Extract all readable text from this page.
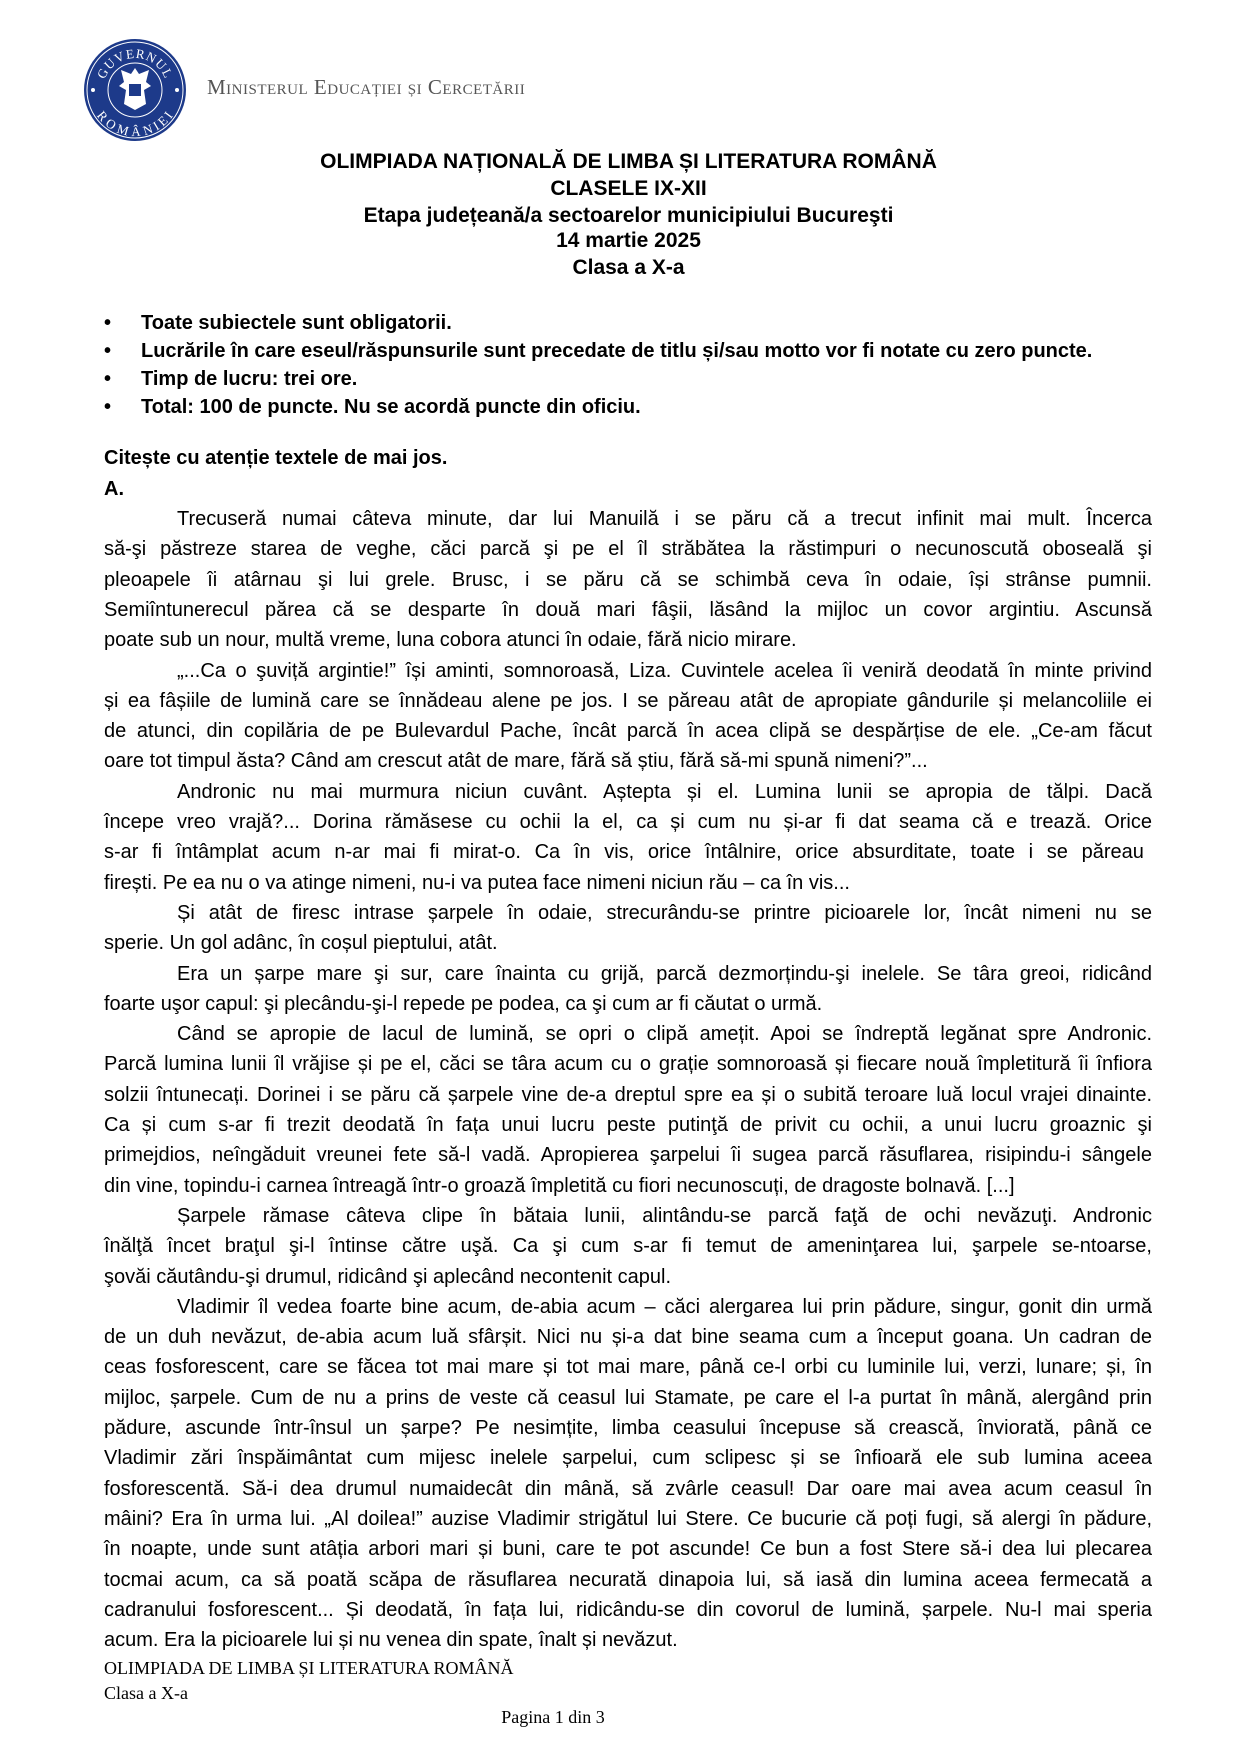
GUVERNUL
ROMÂNIEI
Ministerul Educației și Cercetării
OLIMPIADA NAȚIONALĂ DE LIMBA ȘI LITERATURA ROMÂNĂ
CLASELE IX-XII
Etapa județeană/a sectoarelor municipiului Bucureşti
14 martie 2025
Clasa a X-a
• Toate subiectele sunt obligatorii.
• Lucrările în care eseul/răspunsurile sunt precedate de titlu și/sau motto vor fi notate cu zero puncte.
• Timp de lucru: trei ore.
• Total: 100 de puncte. Nu se acordă puncte din oficiu.
Citește cu atenție textele de mai jos.
A.
Trecuseră numai câteva minute, dar lui Manuilă i se păru că a trecut infinit mai mult. Încerca
să-şi păstreze starea de veghe, căci parcă şi pe el îl străbătea la răstimpuri o necunoscută oboseală şi
pleoapele îi atârnau şi lui grele. Brusc, i se păru că se schimbă ceva în odaie, își strânse pumnii.
Semiîntunerecul părea că se desparte în două mari fâşii, lăsând la mijloc un covor argintiu. Ascunsă
poate sub un nour, multă vreme, luna cobora atunci în odaie, fără nicio mirare.
„...Ca o şuviță argintie!” își aminti, somnoroasă, Liza. Cuvintele acelea îi veniră deodată în minte privind
și ea fâșiile de lumină care se înnădeau alene pe jos. I se păreau atât de apropiate gândurile și melancoliile ei
de atunci, din copilăria de pe Bulevardul Pache, încât parcă în acea clipă se despărțise de ele. „Ce-am făcut
oare tot timpul ăsta? Când am crescut atât de mare, fără să știu, fără să-mi spună nimeni?”...
Andronic nu mai murmura niciun cuvânt. Aștepta și el. Lumina lunii se apropia de tălpi. Dacă
începe vreo vrajă?... Dorina rămăsese cu ochii la el, ca și cum nu și-ar fi dat seama că e trează. Orice
s-ar fi întâmplat acum n-ar mai fi mirat-o. Ca în vis, orice întâlnire, orice absurditate, toate i se păreau
firești. Pe ea nu o va atinge nimeni, nu-i va putea face nimeni niciun rău – ca în vis...
Și atât de firesc intrase șarpele în odaie, strecurându-se printre picioarele lor, încât nimeni nu se
sperie. Un gol adânc, în coșul pieptului, atât.
Era un șarpe mare şi sur, care înainta cu grijă, parcă dezmorțindu-şi inelele. Se târa greoi, ridicând
foarte uşor capul: şi plecându-şi-l repede pe podea, ca şi cum ar fi căutat o urmă.
Când se apropie de lacul de lumină, se opri o clipă amețit. Apoi se îndreptă legănat spre Andronic.
Parcă lumina lunii îl vrăjise și pe el, căci se târa acum cu o grație somnoroasă și fiecare nouă împletitură îi înfiora
solzii întunecați. Dorinei i se păru că șarpele vine de-a dreptul spre ea și o subită teroare luă locul vrajei dinainte.
Ca și cum s-ar fi trezit deodată în fața unui lucru peste putinţă de privit cu ochii, a unui lucru groaznic şi
primejdios, neîngăduit vreunei fete să-l vadă. Apropierea şarpelui îi sugea parcă răsuflarea, risipindu-i sângele
din vine, topindu-i carnea întreagă într-o groază împletită cu fiori necunoscuți, de dragoste bolnavă. [...]
Șarpele rămase câteva clipe în bătaia lunii, alintându-se parcă faţă de ochi nevăzuţi. Andronic
înălţă încet braţul şi-l întinse către uşă. Ca şi cum s-ar fi temut de ameninţarea lui, şarpele se-ntoarse,
şovăi căutându-şi drumul, ridicând şi aplecând necontenit capul.
Vladimir îl vedea foarte bine acum, de-abia acum – căci alergarea lui prin pădure, singur, gonit din urmă
de un duh nevăzut, de-abia acum luă sfârșit. Nici nu și-a dat bine seama cum a început goana. Un cadran de
ceas fosforescent, care se făcea tot mai mare și tot mai mare, până ce-l orbi cu luminile lui, verzi, lunare; și, în
mijloc, șarpele. Cum de nu a prins de veste că ceasul lui Stamate, pe care el l-a purtat în mână, alergând prin
pădure, ascunde într-însul un șarpe? Pe nesimțite, limba ceasului începuse să crească, înviorată, până ce
Vladimir zări înspăimântat cum mijesc inelele șarpelui, cum sclipesc și se înfioară ele sub lumina aceea
fosforescentă. Să-i dea drumul numaidecât din mână, să zvârle ceasul! Dar oare mai avea acum ceasul în
mâini? Era în urma lui. „Al doilea!” auzise Vladimir strigătul lui Stere. Ce bucurie că poți fugi, să alergi în pădure,
în noapte, unde sunt atâția arbori mari și buni, care te pot ascunde! Ce bun a fost Stere să-i dea lui plecarea
tocmai acum, ca să poată scăpa de răsuflarea necurată dinapoia lui, să iasă din lumina aceea fermecată a
cadranului fosforescent... Și deodată, în fața lui, ridicându-se din covorul de lumină, șarpele. Nu-l mai speria
acum. Era la picioarele lui și nu venea din spate, înalt și nevăzut.
OLIMPIADA DE LIMBA ȘI LITERATURA ROMÂNĂ
Clasa a X-a
Pagina 1 din 3
